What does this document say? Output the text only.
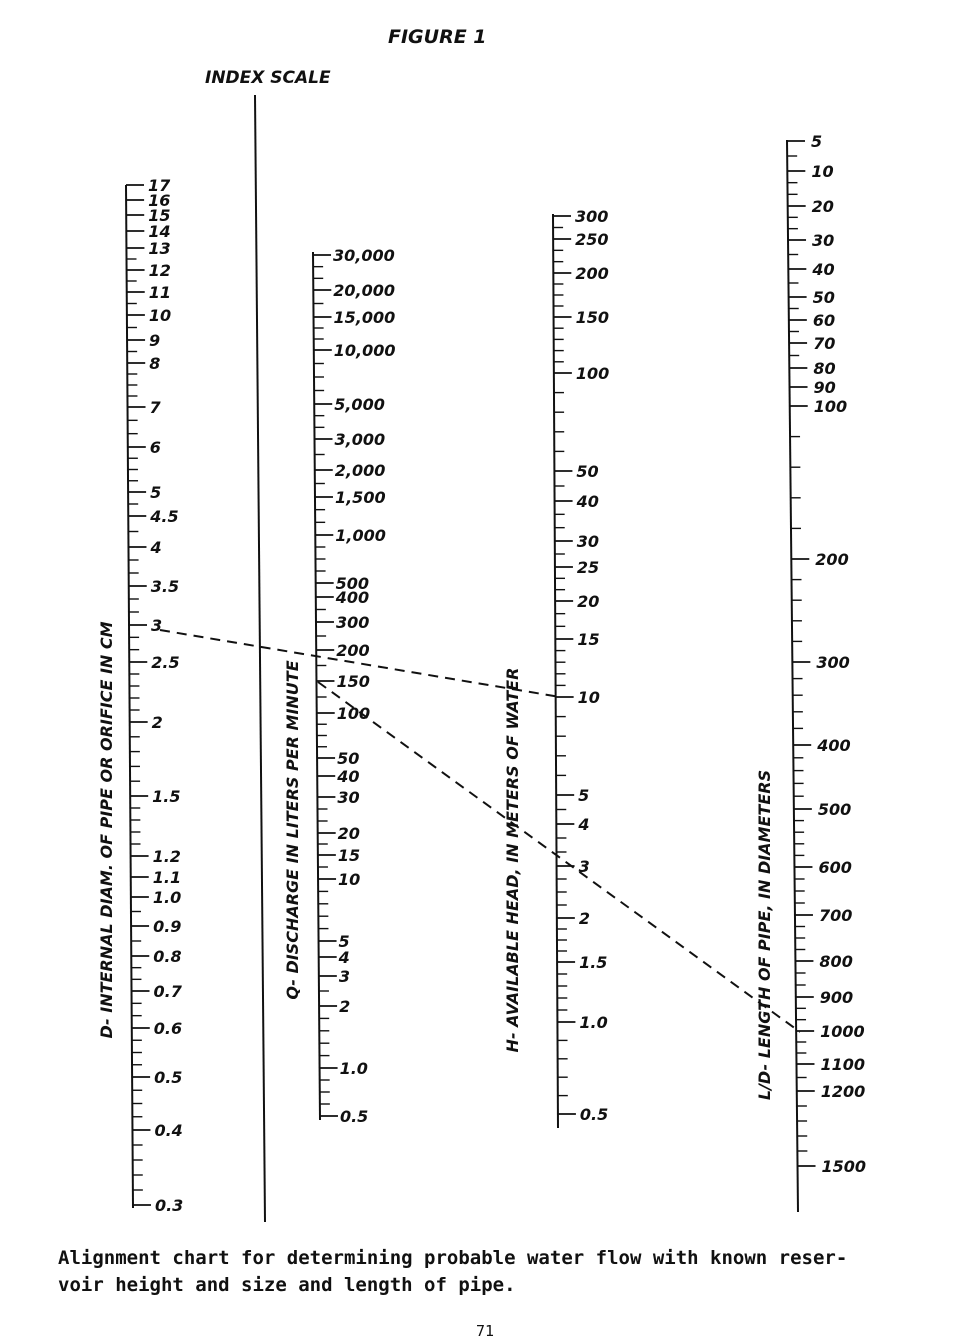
FIGURE 1
INDEX SCALE
17
16
15
14
13
12
11
10
9
8
7
6
5
4.5
4
3.5
3
2.5
2
1.5
1.2
1.1
1.0
0.9
0.8
0.7
0.6
0.5
0.4
0.3
D- INTERNAL DIAM. OF PIPE OR ORIFICE IN CM
30,000
20,000
15,000
10,000
5,000
3,000
2,000
1,500
1,000
500
400
300
200
150
100
50
40
30
20
15
10
5
4
3
2
1.0
0.5
Q- DISCHARGE IN LITERS PER MINUTE
300
250
200
150
100
50
40
30
25
20
15
10
5
4
3
2
1.5
1.0
0.5
H- AVAILABLE HEAD, IN METERS OF WATER
5
10
20
30
40
50
60
70
80
90
100
200
300
400
500
600
700
800
900
1000
1100
1200
1500
L/D- LENGTH OF PIPE, IN DIAMETERS
Alignment chart for determining probable water flow with known reser-
voir height and size and length of pipe.
71
